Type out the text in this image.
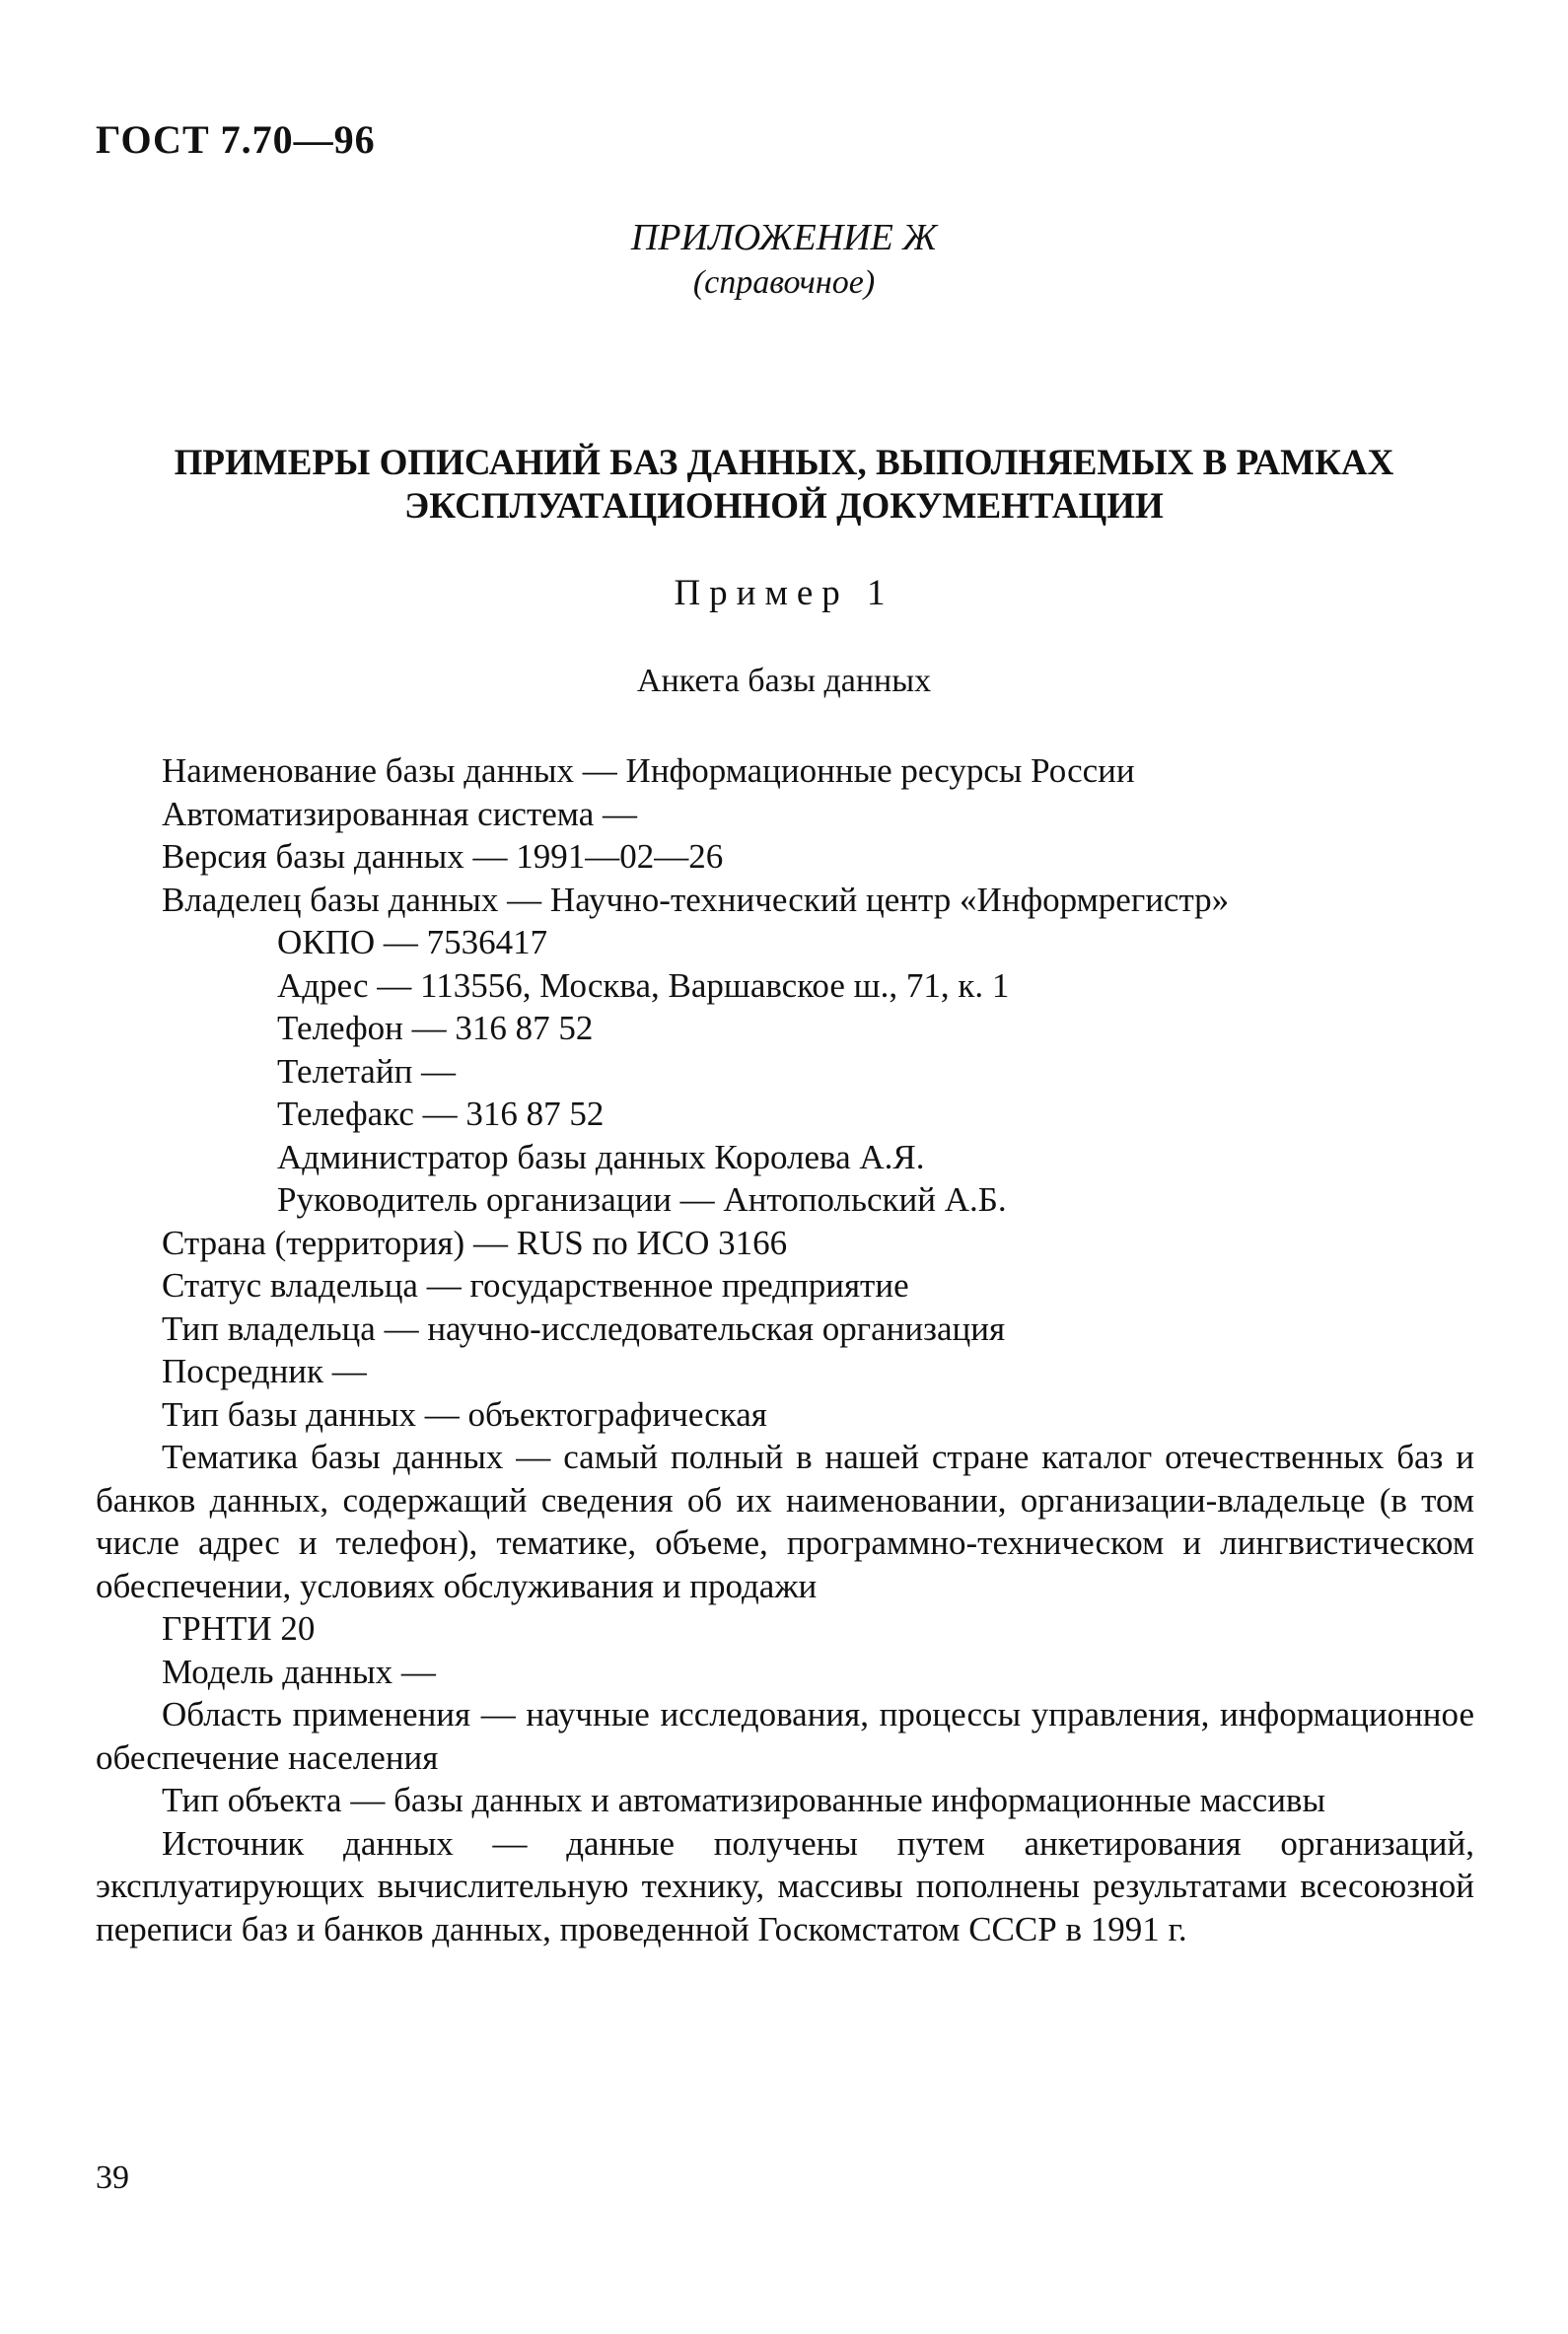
ГОСТ 7.70—96
ПРИЛОЖЕНИЕ Ж
(справочное)
ПРИМЕРЫ ОПИСАНИЙ БАЗ ДАННЫХ, ВЫПОЛНЯЕМЫХ В РАМКАХ
ЭКСПЛУАТАЦИОННОЙ ДОКУМЕНТАЦИИ
Пример 1
Анкета базы данных
Наименование базы данных — Информационные ресурсы России
Автоматизированная система —
Версия базы данных — 1991—02—26
Владелец базы данных — Научно-технический центр «Информрегистр»
ОКПО — 7536417
Адрес — 113556, Москва, Варшавское ш., 71, к. 1
Телефон — 316 87 52
Телетайп —
Телефакс — 316 87 52
Администратор базы данных Королева А.Я.
Руководитель организации — Антопольский А.Б.
Страна (территория) — RUS по ИСО 3166
Статус владельца — государственное предприятие
Тип владельца — научно-исследовательская организация
Посредник —
Тип базы данных — объектографическая
Тематика базы данных — самый полный в нашей стране каталог отечественных баз и банков данных, содержащий сведения об их наименовании, организации-владельце (в том числе адрес и телефон), тематике, объеме, программно-техническом и лингвистическом обеспечении, условиях обслуживания и продажи
ГРНТИ 20
Модель данных —
Область применения — научные исследования, процессы управления, информационное обеспечение населения
Тип объекта — базы данных и автоматизированные информационные массивы
Источник данных — данные получены путем анкетирования организаций, эксплуатирующих вычислительную технику, массивы пополнены результатами всесоюзной переписи баз и банков данных, проведенной Госкомстатом СССР в 1991 г.
39
